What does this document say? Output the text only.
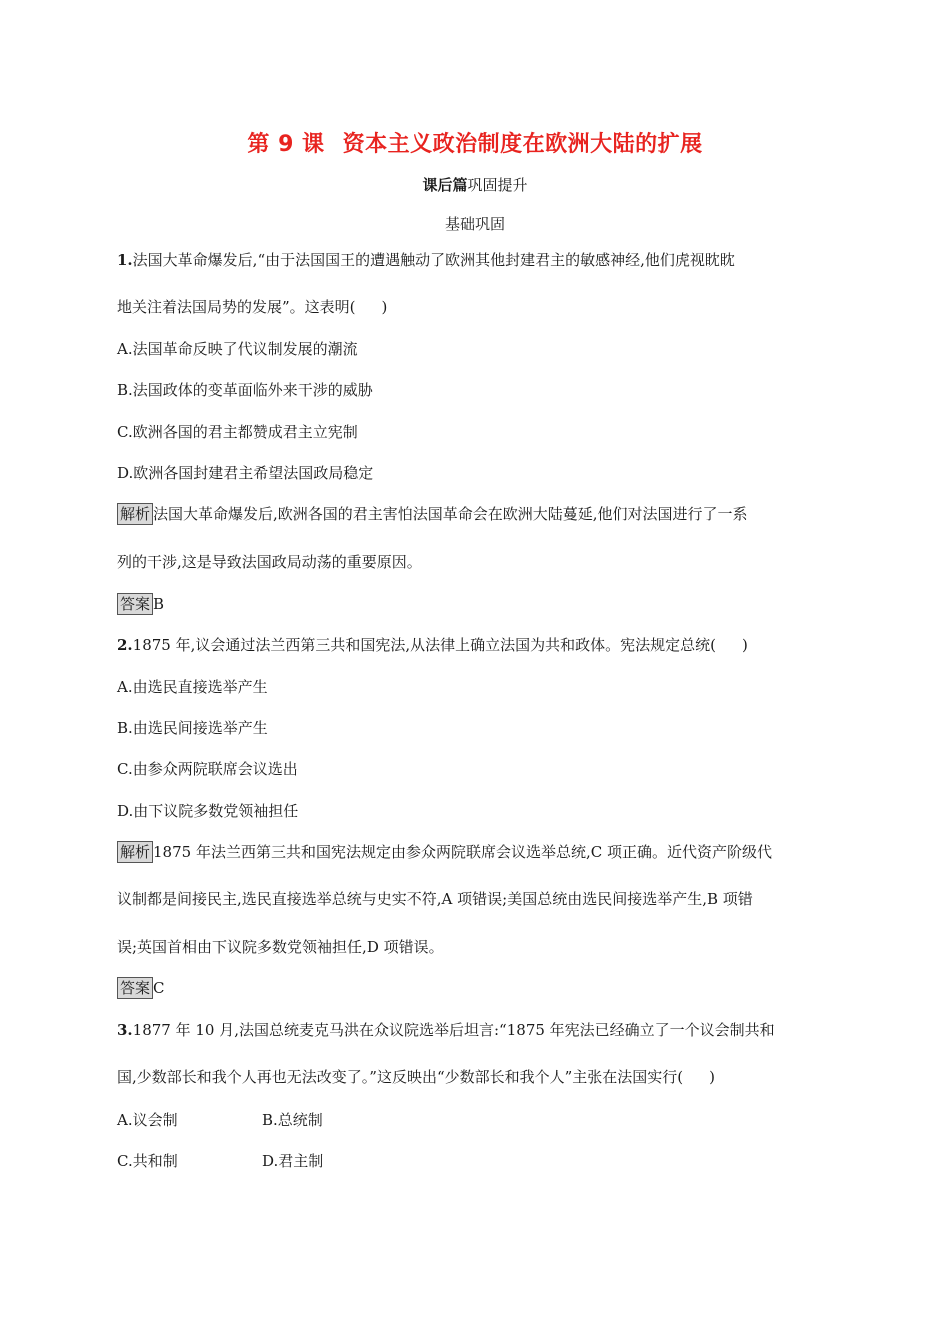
第 9 课 资本主义政治制度在欧洲大陆的扩展
课后篇巩固提升
基础巩固
1.法国大革命爆发后,“由于法国国王的遭遇触动了欧洲其他封建君主的敏感神经,他们虎视眈眈
地关注着法国局势的发展”。这表明( )
A.法国革命反映了代议制发展的潮流
B.法国政体的变革面临外来干涉的威胁
C.欧洲各国的君主都赞成君主立宪制
D.欧洲各国封建君主希望法国政局稳定
解析 法国大革命爆发后,欧洲各国的君主害怕法国革命会在欧洲大陆蔓延,他们对法国进行了一系
列的干涉,这是导致法国政局动荡的重要原因。
答案 B
2.1875 年,议会通过法兰西第三共和国宪法,从法律上确立法国为共和政体。宪法规定总统( )
A.由选民直接选举产生
B.由选民间接选举产生
C.由参众两院联席会议选出
D.由下议院多数党领袖担任
解析 1875 年法兰西第三共和国宪法规定由参众两院联席会议选举总统,C 项正确。近代资产阶级代
议制都是间接民主,选民直接选举总统与史实不符,A 项错误;美国总统由选民间接选举产生,B 项错
误;英国首相由下议院多数党领袖担任,D 项错误。
答案 C
3.1877 年 10 月,法国总统麦克马洪在众议院选举后坦言:“1875 年宪法已经确立了一个议会制共和
国,少数部长和我个人再也无法改变了。”这反映出“少数部长和我个人”主张在法国实行( )
A.议会制	B.总统制
C.共和制	D.君主制
